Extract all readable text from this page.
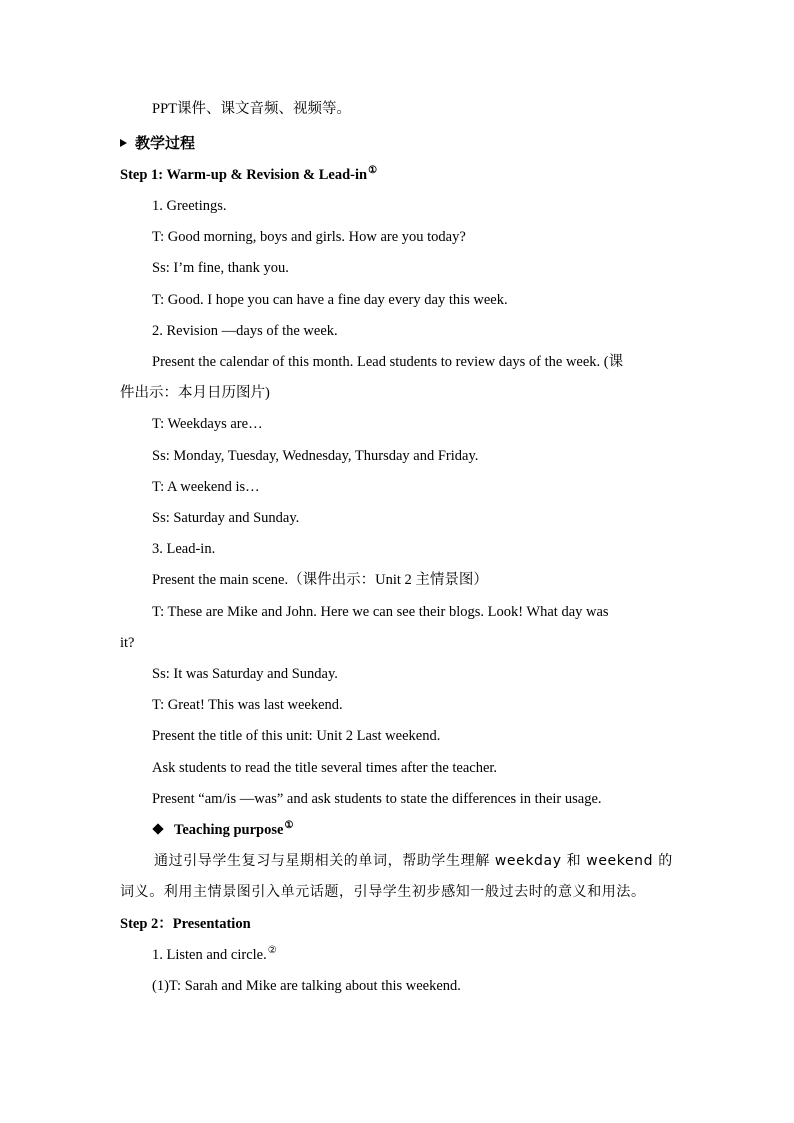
PPT课件、课文音频、视频等。
教学过程
Step 1: Warm-up & Revision & Lead-in①
1. Greetings.
T: Good morning, boys and girls. How are you today?
Ss: I’m fine, thank you.
T: Good. I hope you can have a fine day every day this week.
2. Revision —days of the week.
Present the calendar of this month. Lead students to review days of the week. (课
件出示：本月日历图片)
T: Weekdays are…
Ss: Monday, Tuesday, Wednesday, Thursday and Friday.
T: A weekend is…
Ss: Saturday and Sunday.
3. Lead-in.
Present the main scene.（课件出示：Unit 2 主情景图）
T: These are Mike and John. Here we can see their blogs. Look! What day was
it?
Ss: It was Saturday and Sunday.
T: Great! This was last weekend.
Present the title of this unit: Unit 2 Last weekend.
Ask students to read the title several times after the teacher.
Present “am/is —was” and ask students to state the differences in their usage.
Teaching purpose①
通过引导学生复习与星期相关的单词，帮助学生理解 weekday 和 weekend 的
词义。利用主情景图引入单元话题，引导学生初步感知一般过去时的意义和用法。
Step 2：Presentation
1. Listen and circle.②
(1)T: Sarah and Mike are talking about this weekend.
